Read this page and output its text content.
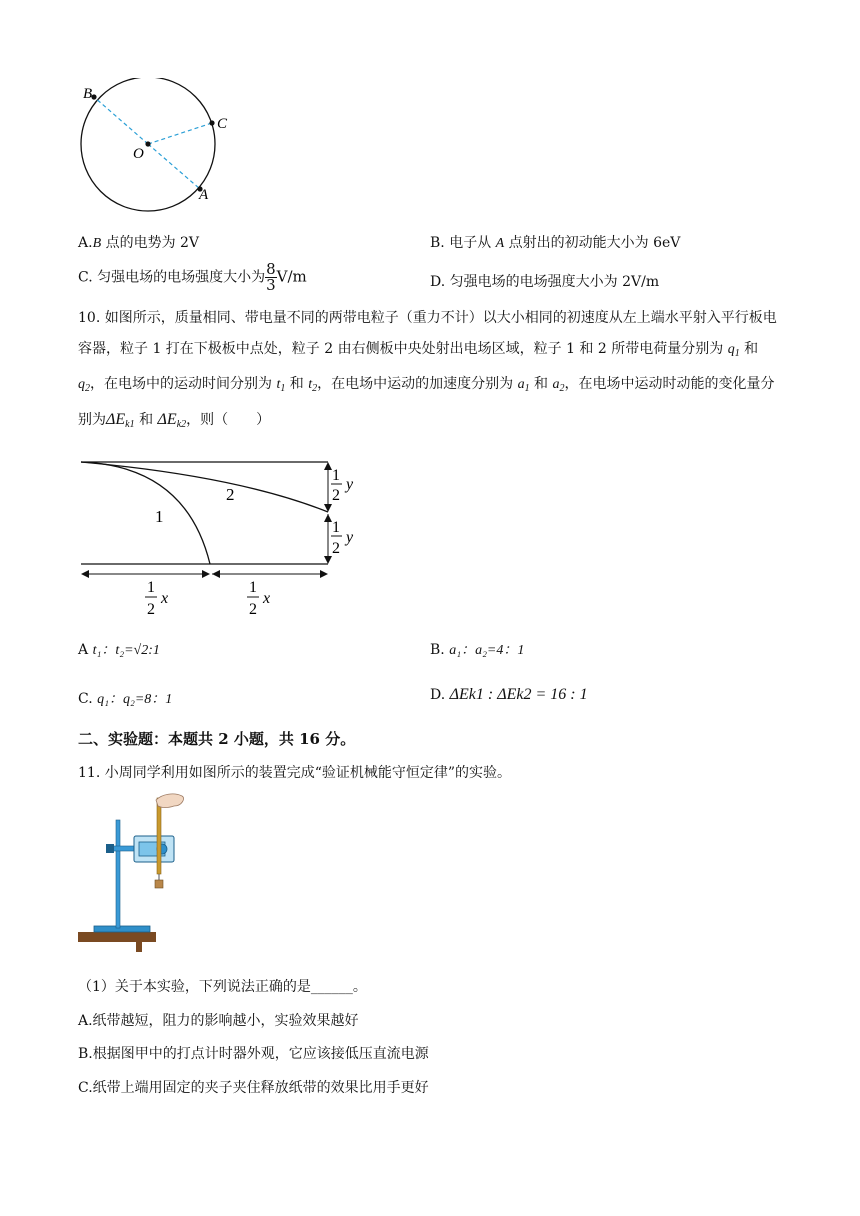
B
C
O
A
A.B 点的电势为 2V	B. 电子从 A 点射出的初动能大小为 6eV
C. 匀强电场的电场强度大小为 $\frac{8}{3} V/m$	D. 匀强电场的电场强度大小为 2V/m
10. 如图所示，质量相同、带电量不同的两带电粒子（重力不计）以大小相同的初速度从左上端水平射入平行板电容器，粒子 1 打在下极板中点处，粒子 2 由右侧板中央处射出电场区域，粒子 1 和 2 所带电荷量分别为 $q_1$ 和 $q_2$，在电场中的运动时间分别为 $t_1$ 和 $t_2$，在电场中运动的加速度分别为 $a_1$ 和 $a_2$，在电场中运动时动能的变化量分别为$\Delta E_{k1}$ 和 $\Delta E_{k2}$，则（　　）
1
2
1
2
y
1
2
y
1
2
x
1
2
x
A t₁：t₂=√2:1	B. a₁：a₂=4：1
C. q₁：q₂=8：1	D. ΔEk1 : ΔEk2 = 16 : 1
二、实验题：本题共 2 小题，共 16 分。
11. 小周同学利用如图所示的装置完成“验证机械能守恒定律”的实验。
（1）关于本实验，下列说法正确的是______。
A.纸带越短，阻力的影响越小，实验效果越好
B.根据图甲中的打点计时器外观，它应该接低压直流电源
C.纸带上端用固定的夹子夹住释放纸带的效果比用手更好
